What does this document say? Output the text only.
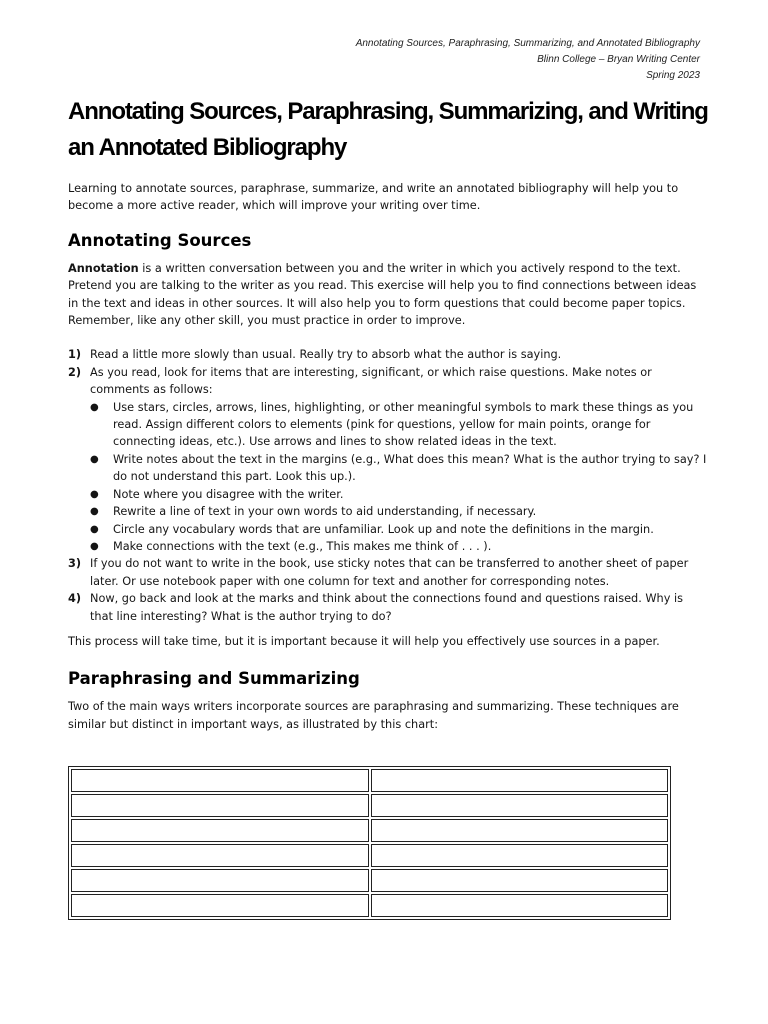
Annotating Sources, Paraphrasing, Summarizing, and Annotated Bibliography
Blinn College – Bryan Writing Center
Spring 2023
Annotating Sources, Paraphrasing, Summarizing, and Writing an Annotated Bibliography

Learning to annotate sources, paraphrase, summarize, and write an annotated bibliography will help you to become a more active reader, which will improve your writing over time.

Annotating Sources

Annotation is a written conversation between you and the writer in which you actively respond to the text. Pretend you are talking to the writer as you read. This exercise will help you to find connections between ideas in the text and ideas in other sources. It will also help you to form questions that could become paper topics. Remember, like any other skill, you must practice in order to improve.

1) Read a little more slowly than usual. Really try to absorb what the author is saying.
2) As you read, look for items that are interesting, significant, or which raise questions. Make notes or comments as follows:
● Use stars, circles, arrows, lines, highlighting, or other meaningful symbols to mark these things as you read. Assign different colors to elements (pink for questions, yellow for main points, orange for connecting ideas, etc.). Use arrows and lines to show related ideas in the text.
● Write notes about the text in the margins (e.g., What does this mean? What is the author trying to say? I do not understand this part. Look this up.).
● Note where you disagree with the writer.
● Rewrite a line of text in your own words to aid understanding, if necessary.
● Circle any vocabulary words that are unfamiliar. Look up and note the definitions in the margin.
● Make connections with the text (e.g., This makes me think of . . . ).
3) If you do not want to write in the book, use sticky notes that can be transferred to another sheet of paper later. Or use notebook paper with one column for text and another for corresponding notes.
4) Now, go back and look at the marks and think about the connections found and questions raised. Why is that line interesting? What is the author trying to do?

This process will take time, but it is important because it will help you effectively use sources in a paper.

Paraphrasing and Summarizing

Two of the main ways writers incorporate sources are paraphrasing and summarizing. These techniques are similar but distinct in important ways, as illustrated by this chart:
